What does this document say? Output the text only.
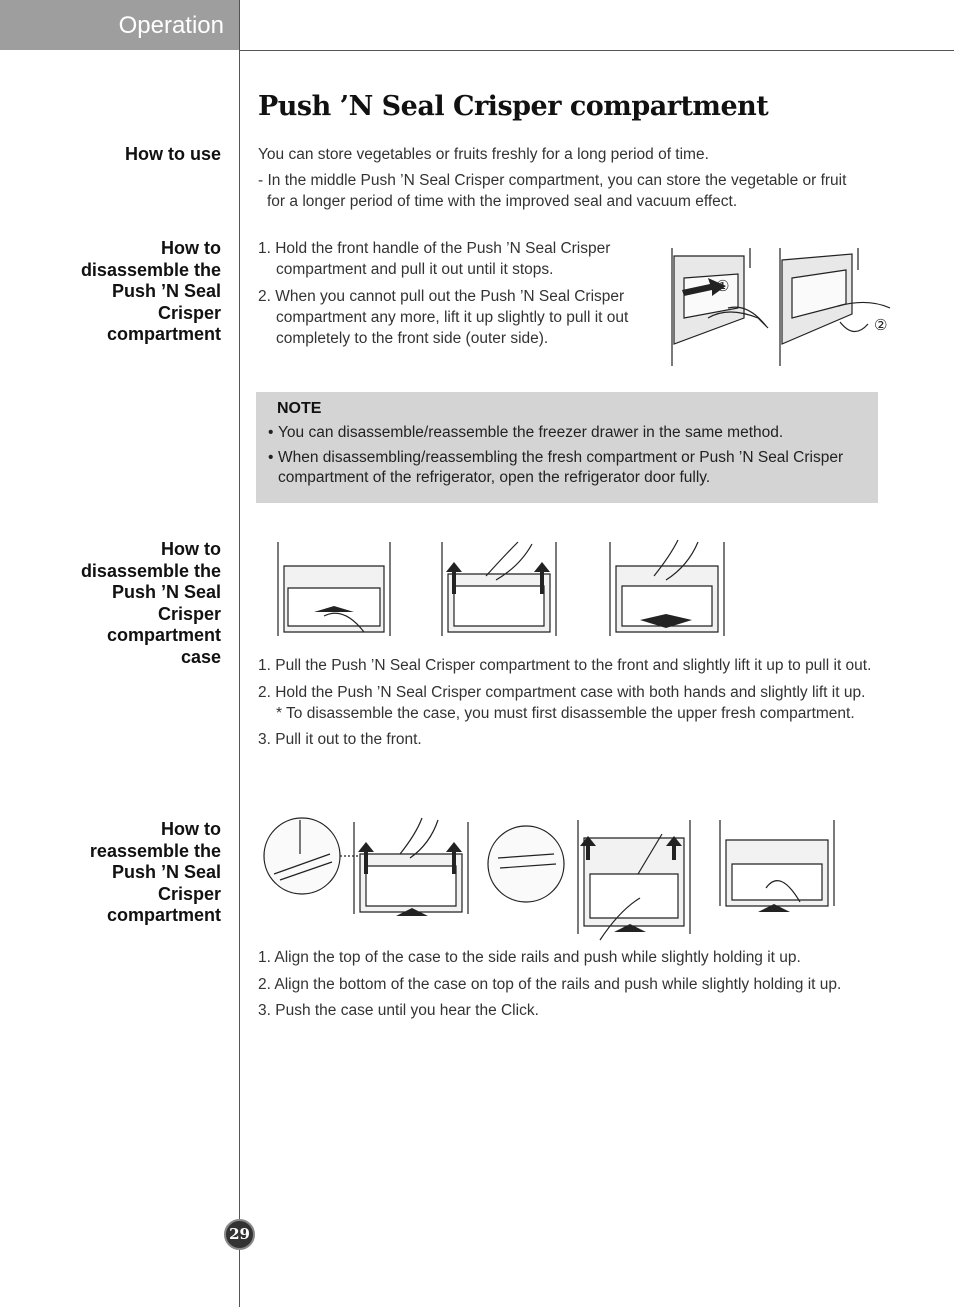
Operation
Push ’N Seal Crisper compartment
How to use You can store vegetables or fruits freshly for a long period of time.

- In the middle Push ’N Seal Crisper compartment, you can store the vegetable or fruit for a longer period of time with the improved seal and vacuum effect.

How to
disassemble the
Push ’N Seal
Crisper
compartment

1. Hold the front handle of the Push ’N Seal Crisper compartment and pull it out until it stops.

2. When you cannot pull out the Push ’N Seal Crisper compartment any more, lift it up slightly to pull it out completely to the front side (outer side).

①
②
NOTE
• You can disassemble/reassemble the freezer drawer in the same method.
• When disassembling/reassembling the fresh compartment or Push ’N Seal Crisper compartment of the refrigerator, open the refrigerator door fully.
How to
disassemble the
Push ’N Seal
Crisper
compartment
case 1. Pull the Push ’N Seal Crisper compartment to the front and slightly lift it up to pull it out.

2. Hold the Push ’N Seal Crisper compartment case with both hands and slightly lift it up.

* To disassemble the case, you must first disassemble the upper fresh compartment.

3. Pull it out to the front.

How to
reassemble the
Push ’N Seal
Crisper
compartment

1. Align the top of the case to the side rails and push while slightly holding it up.

2. Align the bottom of the case on top of the rails and push while slightly holding it up.

3. Push the case until you hear the Click.

29
